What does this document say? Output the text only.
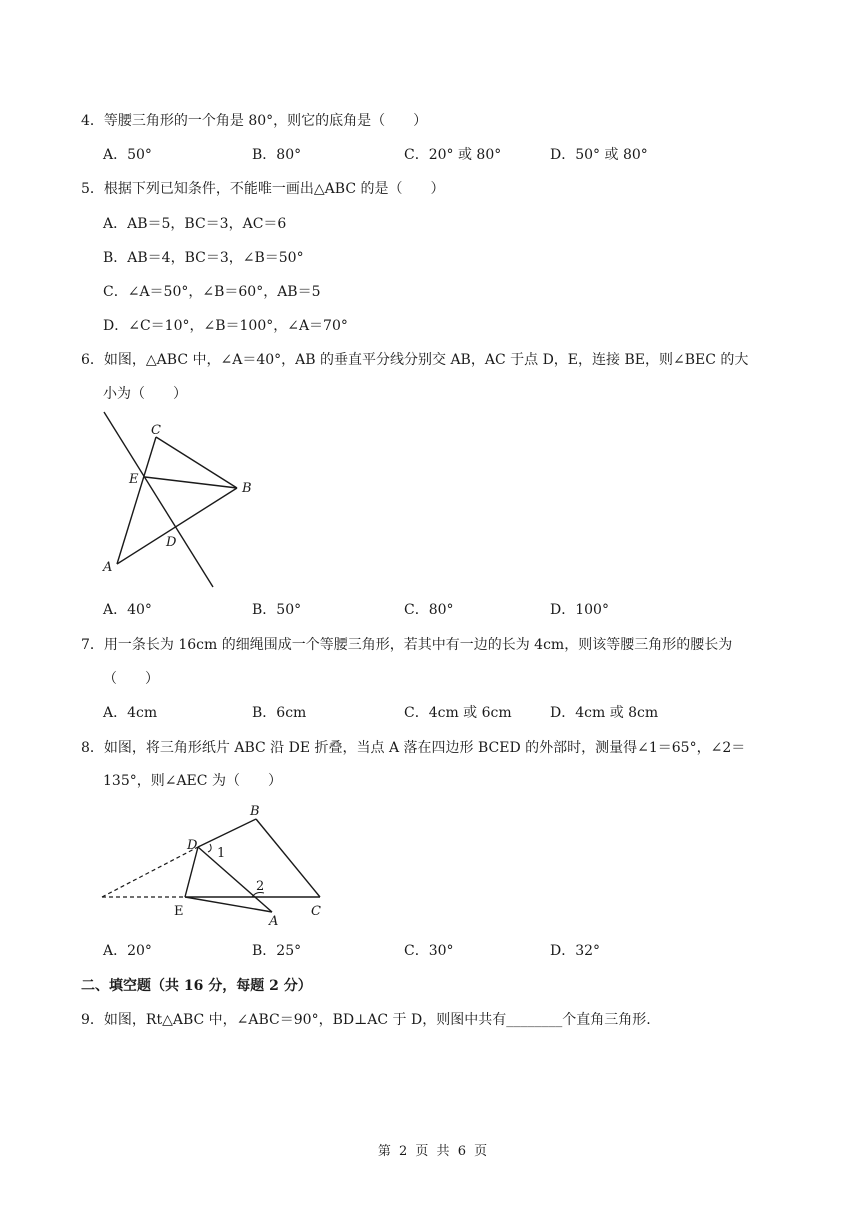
4．等腰三角形的一个角是 80°，则它的底角是（　　）
A．50°	B．80°	C．20° 或 80°	D．50° 或 80°
5．根据下列已知条件，不能唯一画出△ABC 的是（　　）
A．AB＝5，BC＝3，AC＝6
B．AB＝4，BC＝3，∠B＝50°
C．∠A＝50°，∠B＝60°，AB＝5
D．∠C＝10°，∠B＝100°，∠A＝70°
6．如图，△ABC 中，∠A＝40°，AB 的垂直平分线分别交 AB，AC 于点 D，E，连接 BE，则∠BEC 的大
小为（　　）
C
E
B
D
A
A．40°	B．50°	C．80°	D．100°
7．用一条长为 16cm 的细绳围成一个等腰三角形，若其中有一边的长为 4cm，则该等腰三角形的腰长为
（　　）
A．4cm	B．6cm	C．4cm 或 6cm	D．4cm 或 8cm
8．如图，将三角形纸片 ABC 沿 DE 折叠，当点 A 落在四边形 BCED 的外部时，测量得∠1＝65°，∠2＝
135°，则∠AEC 为（　　）
B
D
1
2
E
A
C
A．20°	B．25°	C．30°	D．32°
二、填空题（共 16 分，每题 2 分）
9．如图，Rt△ABC 中，∠ABC＝90°，BD⊥AC 于 D，则图中共有________个直角三角形.
第 2 页 共 6 页
